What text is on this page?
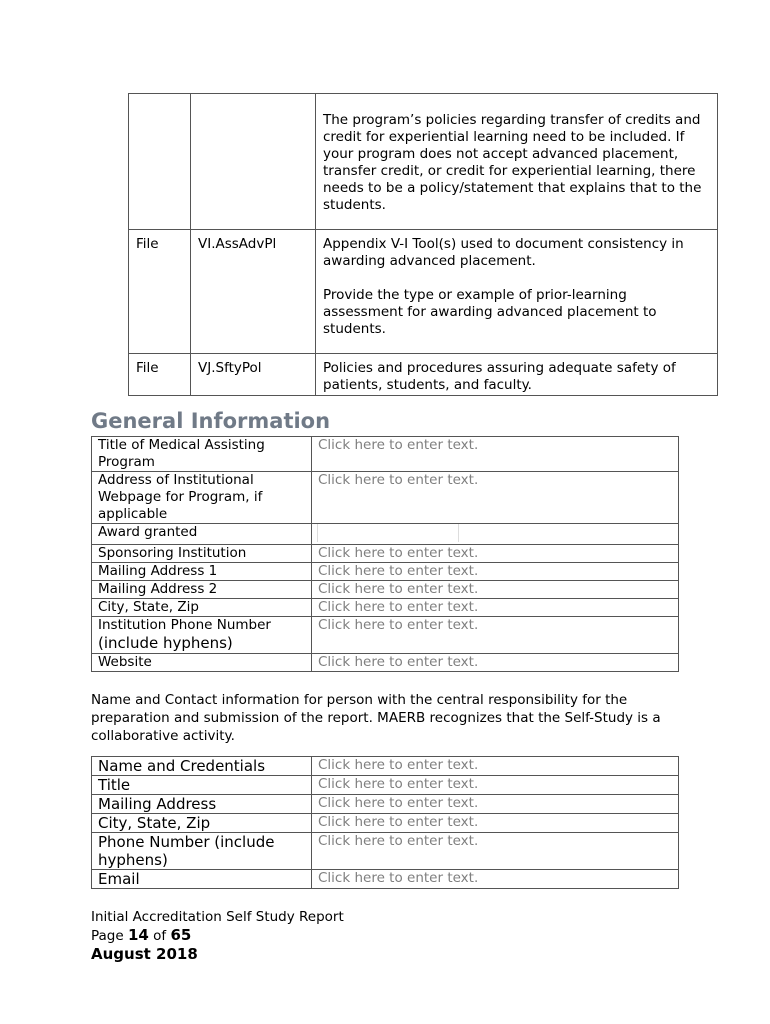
		The program’s policies regarding transfer of credits and credit for experiential learning need to be included. If your program does not accept advanced placement, transfer credit, or credit for experiential learning, there needs to be a policy/statement that explains that to the students.

File	VI.AssAdvPl	Appendix V-I Tool(s) used to document consistency in awarding advanced placement.

Provide the type or example of prior-learning assessment for awarding advanced placement to students.

File	VJ.SftyPol	Policies and procedures assuring adequate safety of patients, students, and faculty.

General Information
Title of Medical Assisting Program	Click here to enter text.
Address of Institutional Webpage for Program, if applicable	Click here to enter text.
Award granted	
Sponsoring Institution	Click here to enter text.
Mailing Address 1	Click here to enter text.
Mailing Address 2	Click here to enter text.
City, State, Zip	Click here to enter text.
Institution Phone Number
(include hyphens)	Click here to enter text.
Website	Click here to enter text.

Name and Contact information for person with the central responsibility for the preparation and submission of the report. MAERB recognizes that the Self-Study is a collaborative activity.

Name and Credentials	Click here to enter text.
Title	Click here to enter text.
Mailing Address	Click here to enter text.
City, State, Zip	Click here to enter text.
Phone Number (include hyphens)	Click here to enter text.
Email	Click here to enter text.
Initial Accreditation Self Study Report
Page 14 of 65
August 2018
